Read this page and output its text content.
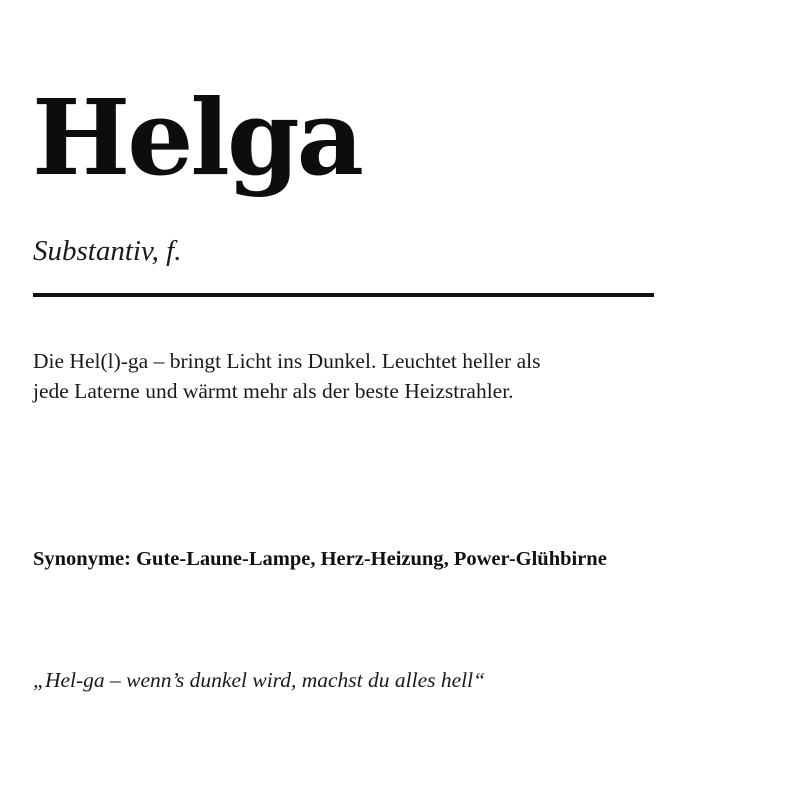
Helga
Substantiv, f.

Die Hel(l)-ga – bringt Licht ins Dunkel. Leuchtet heller als
jede Laterne und wärmt mehr als der beste Heizstrahler.

Synonyme: Gute-Laune-Lampe, Herz-Heizung, Power-Glühbirne

„Hel-ga – wenn’s dunkel wird, machst du alles hell“
